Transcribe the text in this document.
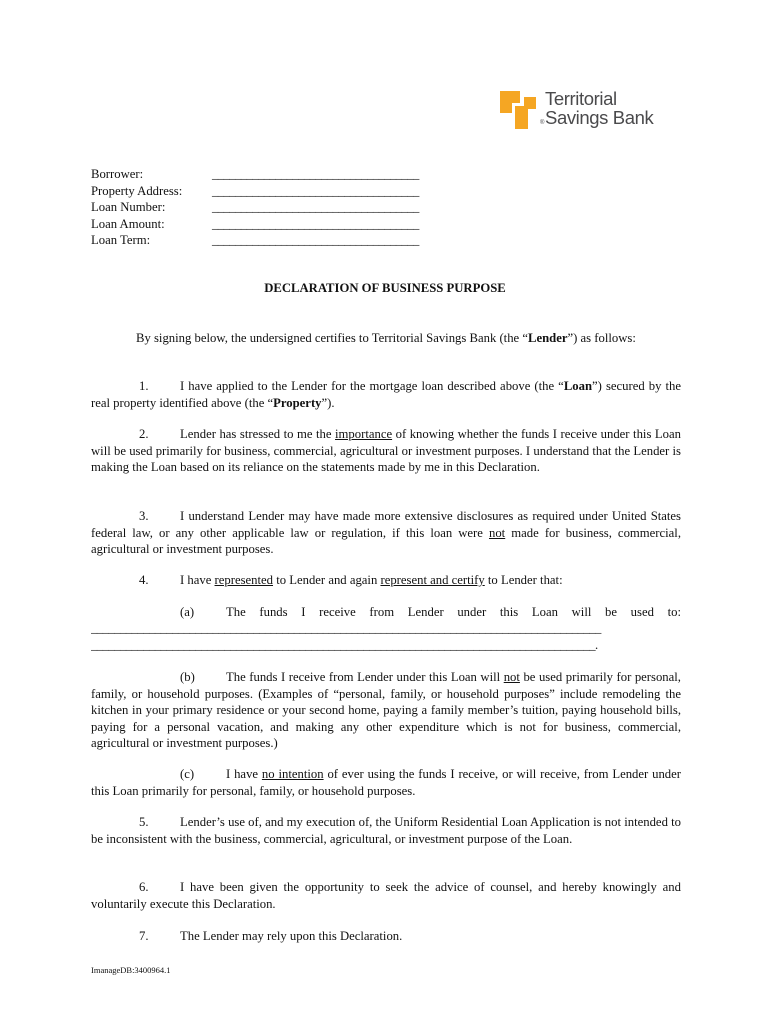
Territorial
Savings Bank
®
Borrower:	____________________________________
Property Address: ____________________________________
Loan Number:	____________________________________
Loan Amount:	____________________________________
Loan Term:	____________________________________
DECLARATION OF BUSINESS PURPOSE
By signing below, the undersigned certifies to Territorial Savings Bank (the “Lender”) as follows:
1. I have applied to the Lender for the mortgage loan described above (the “Loan”) secured by the real property identified above (the “Property”).
2. Lender has stressed to me the importance of knowing whether the funds I receive under this Loan will be used primarily for business, commercial, agricultural or investment purposes. I understand that the Lender is making the Loan based on its reliance on the statements made by me in this Declaration.
3. I understand Lender may have made more extensive disclosures as required under United States federal law, or any other applicable law or regulation, if this loan were not made for business, commercial, agricultural or investment purposes.
4. I have represented to Lender and again represent and certify to Lender that:
(a)	The funds I receive from Lender under this Loan will be used to:
________________________________________________________________________________________
_______________________________________________________________________________________.
(b) The funds I receive from Lender under this Loan will not be used primarily for personal, family, or household purposes. (Examples of “personal, family, or household purposes” include remodeling the kitchen in your primary residence or your second home, paying a family member’s tuition, paying household bills, paying for a personal vacation, and making any other expenditure which is not for business, commercial, agricultural or investment purposes.)
(c)	I have no intention of ever using the funds I receive, or will receive, from Lender under this Loan primarily for personal, family, or household purposes.
5. Lender’s use of, and my execution of, the Uniform Residential Loan Application is not intended to be inconsistent with the business, commercial, agricultural, or investment purpose of the Loan.
6. I have been given the opportunity to seek the advice of counsel, and hereby knowingly and voluntarily execute this Declaration.
7. The Lender may rely upon this Declaration.
ImanageDB:3400964.1
